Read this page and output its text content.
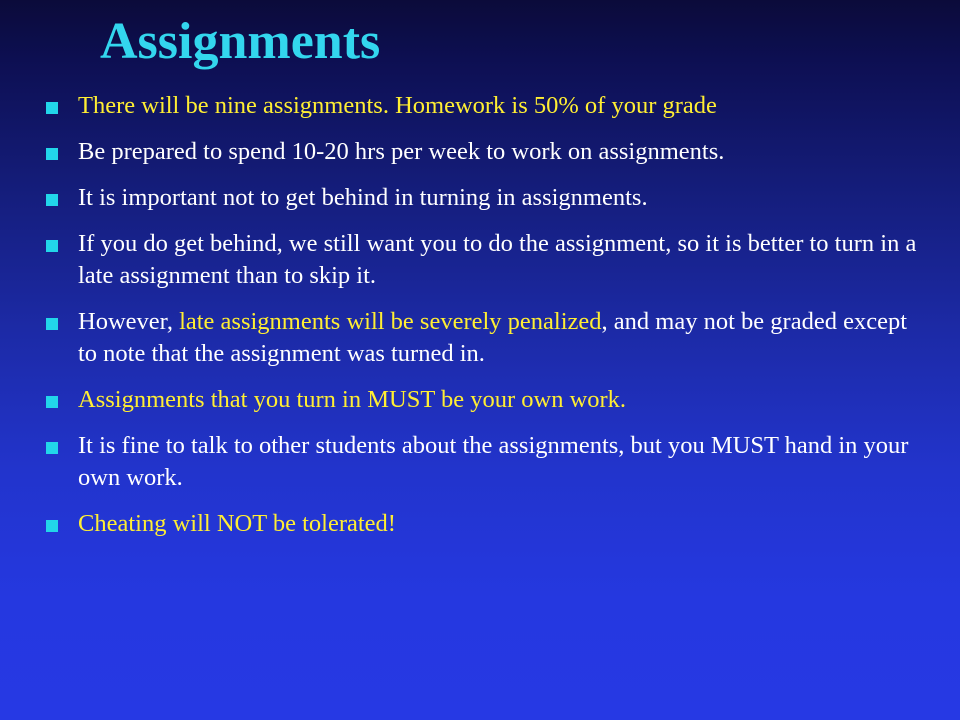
Assignments
There will be nine assignments. Homework is 50% of your grade
Be prepared to spend 10-20 hrs per week to work on assignments.
It is important not to get behind in turning in assignments.
If you do get behind, we still want you to do the assignment, so it is better to turn in a late assignment than to skip it.
However, late assignments will be severely penalized, and may not be graded except to note that the assignment was turned in.
Assignments that you turn in MUST be your own work.
It is fine to talk to other students about the assignments, but you MUST hand in your own work.
Cheating will NOT be tolerated!
